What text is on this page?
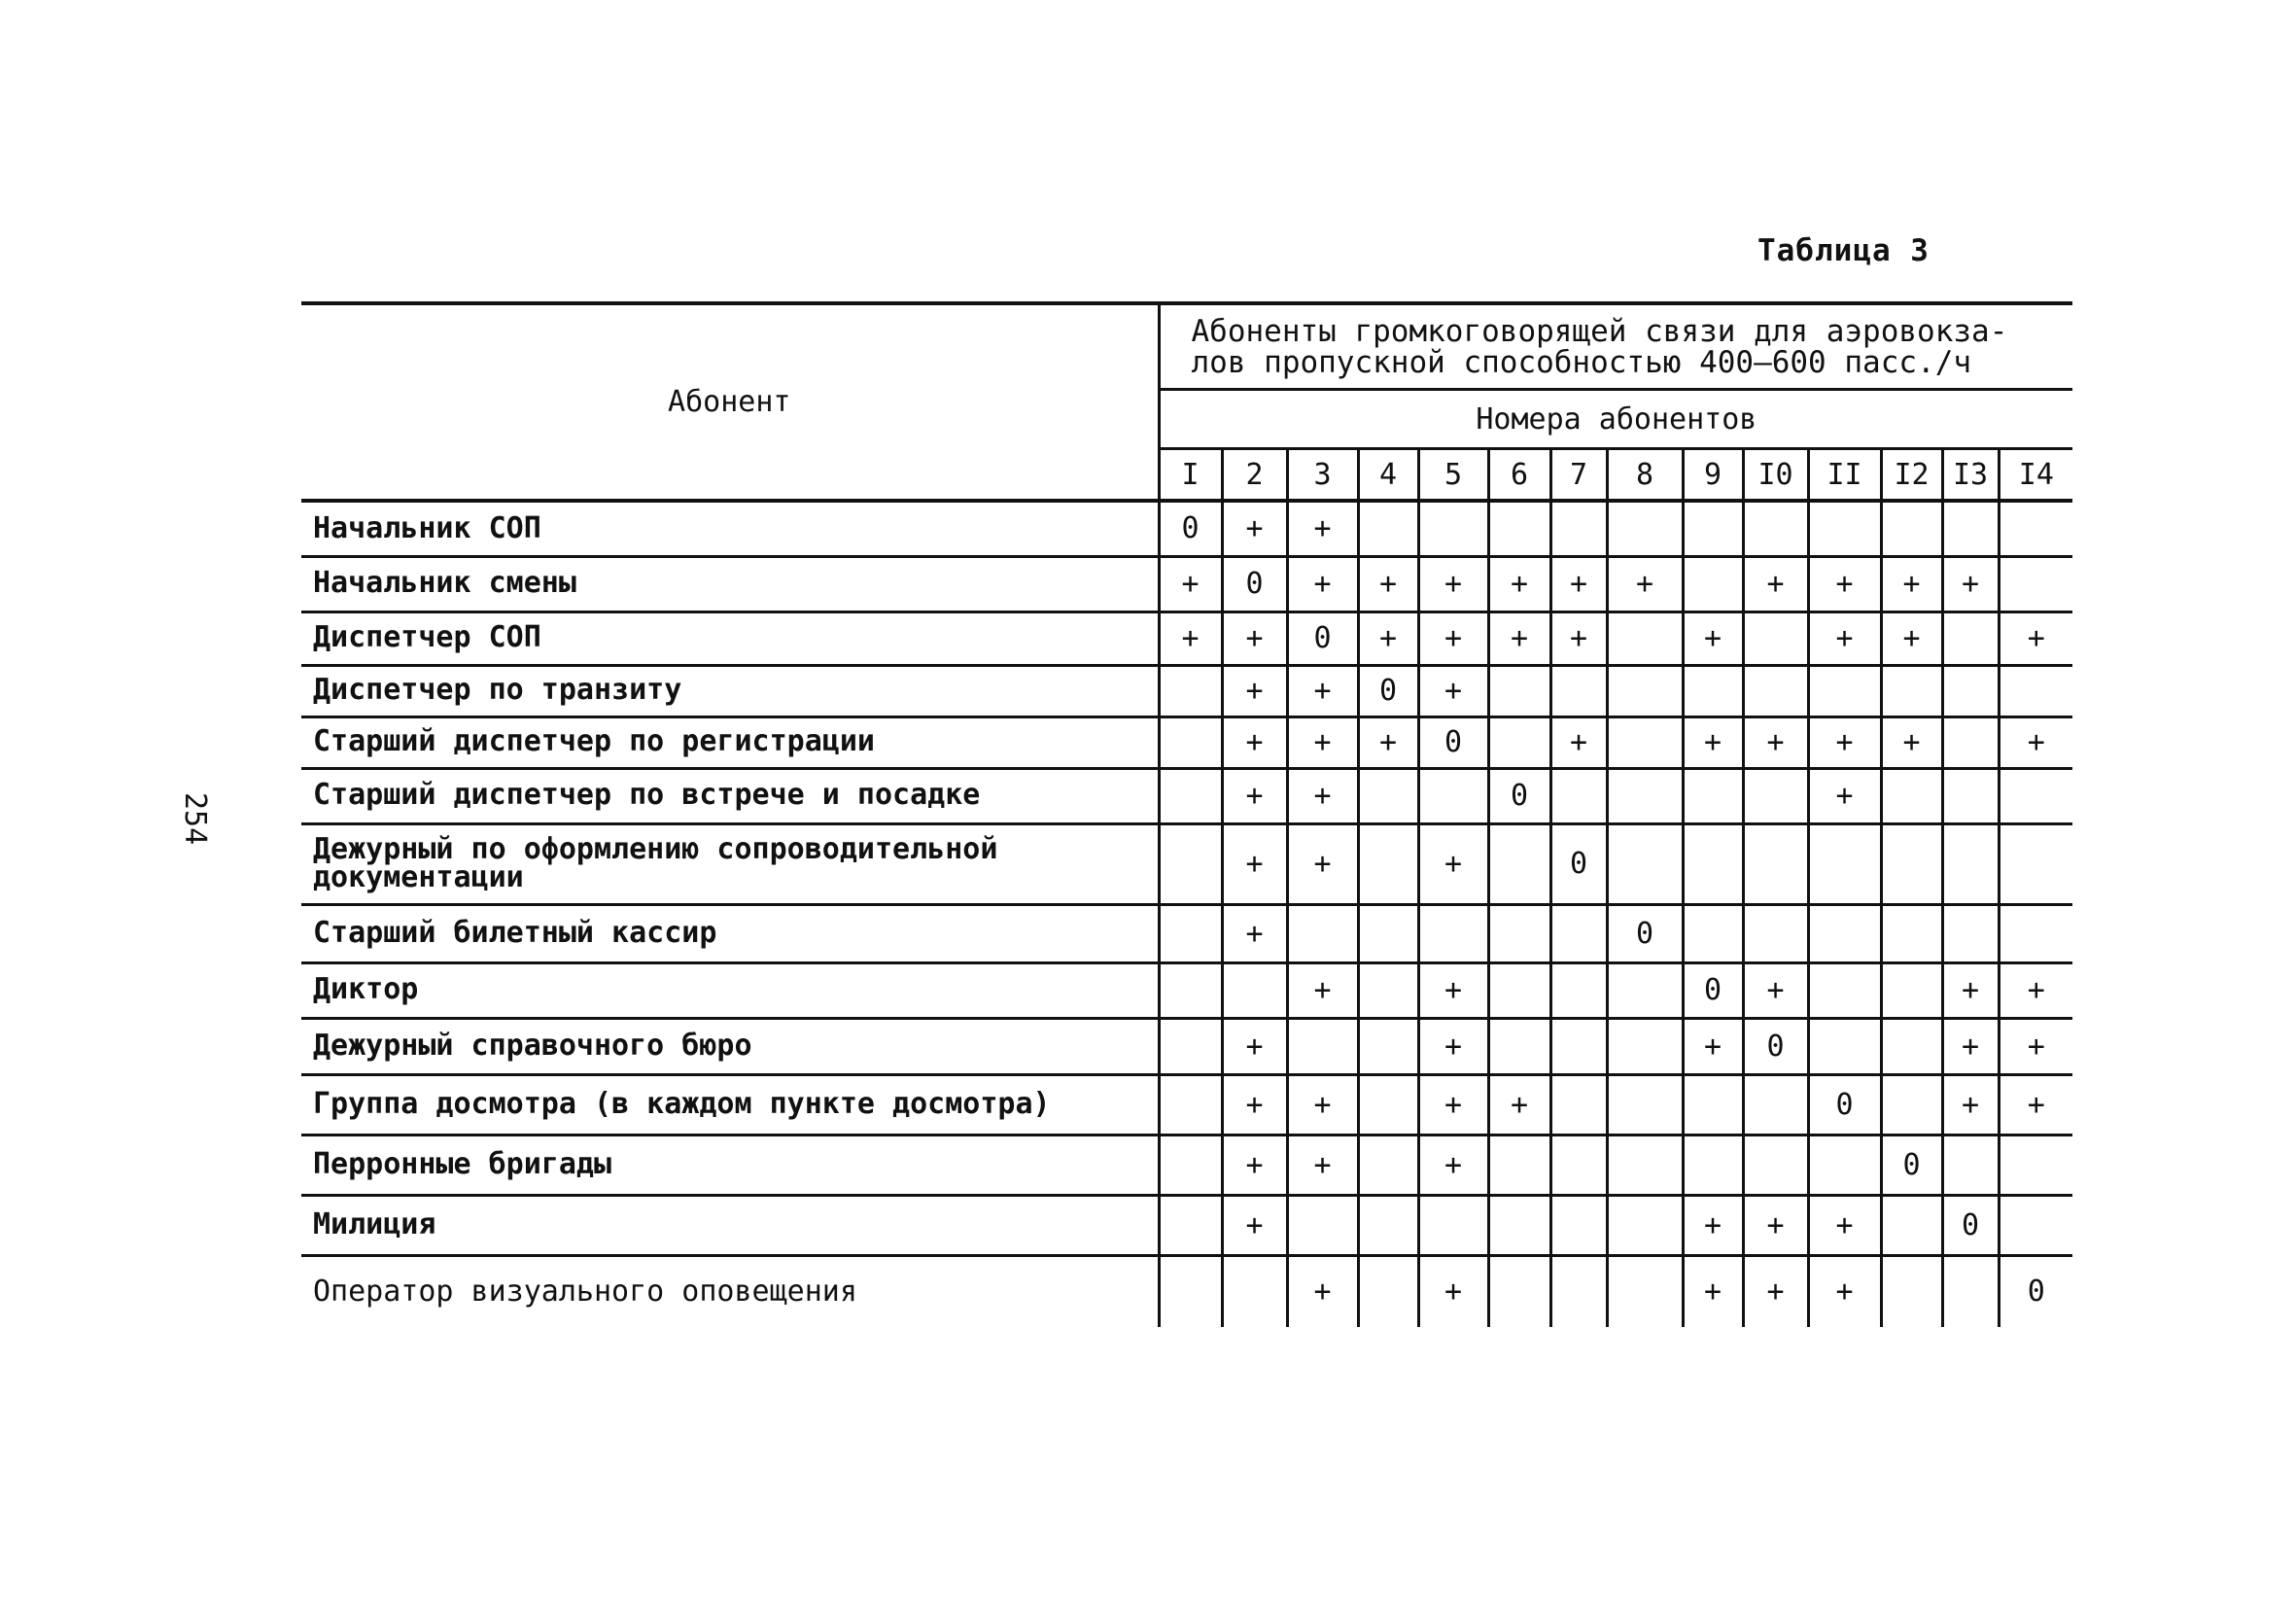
Таблица 3
254
Абонент	Абоненты громкоговорящей связи для аэровокза-
лов пропускной способностью 400–600 пасс./ч													

	Номера абонентов													
	I	2	3	4	5	6	7	8	9	I0	II	I2	I3	I4
Начальник СОП	0	+	+											
Начальник смены	+	0	+	+	+	+	+	+		+	+	+	+	
Диспетчер СОП	+	+	0	+	+	+	+		+		+	+		+
Диспетчер по транзиту		+	+	0	+									
Старший диспетчер по регистрации		+	+	+	0		+		+	+	+	+		+
Старший диспетчер по встрече и посадке		+	+			0					+			
Дежурный по оформлению сопроводительной документации		+	+		+		0							
Старший билетный кассир		+						0						
Диктор			+		+				0	+			+	+
Дежурный справочного бюро		+			+				+	0			+	+
Группа досмотра (в каждом пункте досмотра)		+	+		+	+					0		+	+
Перронные бригады		+	+		+							0		
Милиция		+							+	+	+		0	
Оператор визуального оповещения			+		+				+	+	+			0
